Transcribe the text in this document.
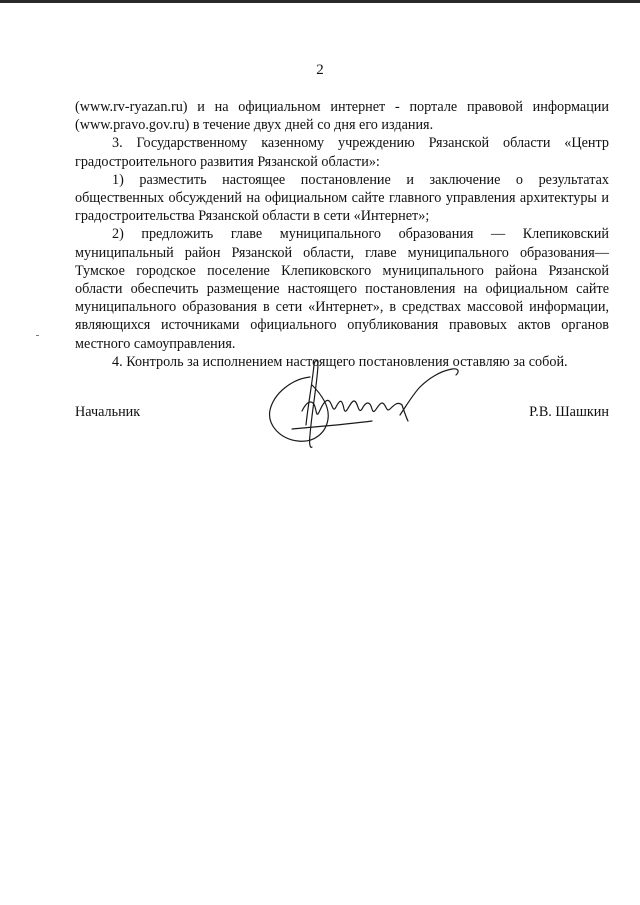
2

(www.rv-ryazan.ru) и на официальном интернет - портале правовой информации (www.pravo.gov.ru) в течение двух дней со дня его издания.

3. Государственному казенному учреждению Рязанской области «Центр градостроительного развития Рязанской области»:

1) разместить настоящее постановление и заключение о результатах общественных обсуждений на официальном сайте главного управления архитектуры и градостроительства Рязанской области в сети «Интернет»;

2) предложить главе муниципального образования — Клепиковский муниципальный район Рязанской области, главе муниципального образования— Тумское городское поселение Клепиковского муниципального района Рязанской области обеспечить размещение настоящего постановления на официальном сайте муниципального образования в сети «Интернет», в средствах массовой информации, являющихся источниками официального опубликования правовых актов органов местного самоуправления.

4. Контроль за исполнением настоящего постановления оставляю за собой.

Начальник	Р.В. Шашкин
